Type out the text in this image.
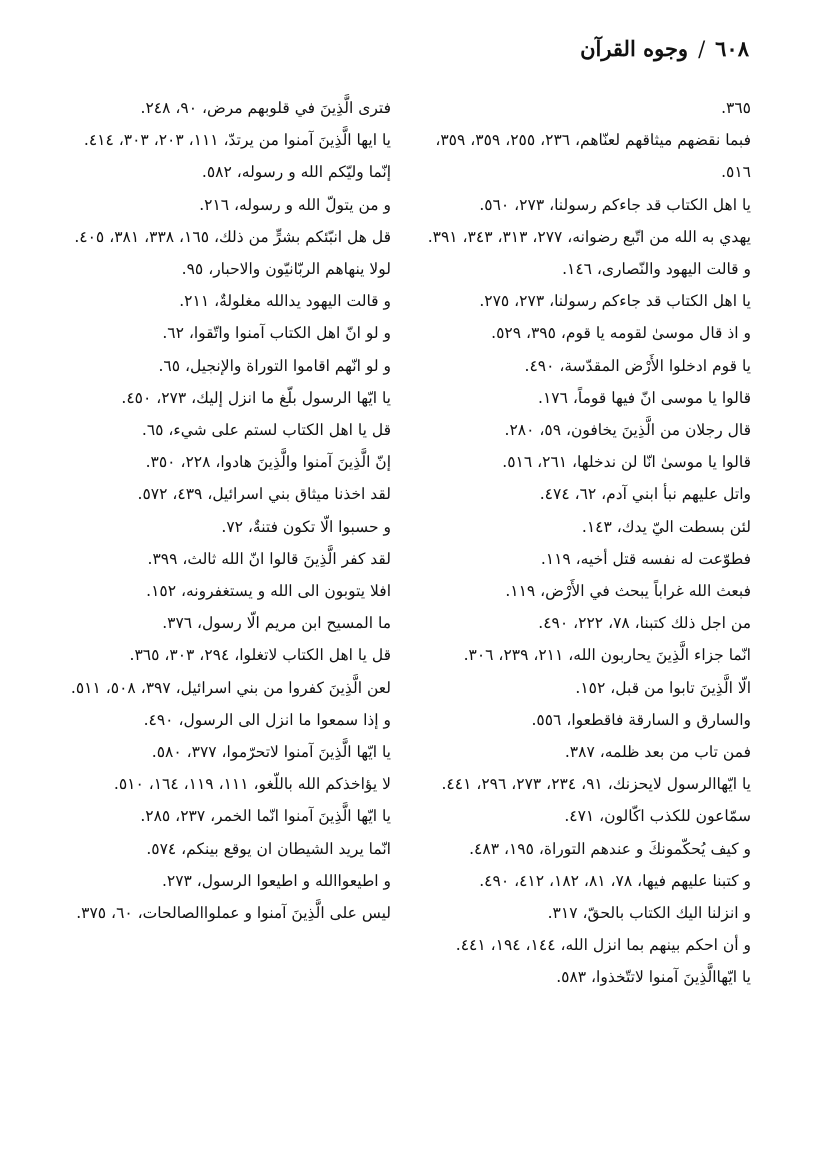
٦٠٨/وجوه القرآن
٣٦٥.
فبما نقضهم ميثاقهم لعنّاهم، ٢٣٦، ٢٥٥، ٣٥٩، ٣٥٩، ٥١٦.
يا اهل الكتاب قد جاءكم رسولنا، ٢٧٣، ٥٦٠.
يهدي به الله من اتّبع رضوانه، ٢٧٧، ٣١٣، ٣٤٣، ٣٩١.
و قالت اليهود والنّصارى، ١٤٦.
يا اهل الكتاب قد جاءكم رسولنا، ٢٧٣، ٢٧٥.
و اذ قال موسىٰ لقومه يا قوم، ٣٩٥، ٥٢٩.
يا قوم ادخلوا الأَرْض المقدّسة، ٤٩٠.
قالوا يا موسى انّ فيها قوماً، ١٧٦.
قال رجلان من الَّذِينَ يخافون، ٥٩، ٢٨٠.
قالوا يا موسىٰ انّا لن ندخلها، ٢٦١، ٥١٦.
واتل عليهم نبأ ابني آدم، ٦٢، ٤٧٤.
لئن بسطت اليّ يدك، ١٤٣.
فطوّعت له نفسه قتل أخيه، ١١٩.
فبعث الله غراباً يبحث في الأَرْض، ١١٩.
من اجل ذلك كتبنا، ٧٨، ٢٢٢، ٤٩٠.
انّما جزاء الَّذِينَ يحاربون الله، ٢١١، ٢٣٩، ٣٠٦.
الّا الَّذِينَ تابوا من قبل، ١٥٢.
والسارق و السارقة فاقطعوا، ٥٥٦.
فمن تاب من بعد ظلمه، ٣٨٧.
يا ايّهاالرسول لايحزنك، ٩١، ٢٣٤، ٢٧٣، ٢٩٦، ٤٤١.
سمّاعون للكذب اكّالون، ٤٧١.
و كيف يُحكّمونكَ و عندهم التوراة، ١٩٥، ٤٨٣.
و كتبنا عليهم فيها، ٧٨، ٨١، ١٨٢، ٤١٢، ٤٩٠.
و انزلنا اليك الكتاب بالحقّ، ٣١٧.
و أن احكم بينهم بما انزل الله، ١٤٤، ١٩٤، ٤٤١.
يا ايّهاالَّذِينَ آمنوا لاتتّخذوا، ٥٨٣.
فترى الَّذِينَ في قلوبهم مرض، ٩٠، ٢٤٨.
يا ايها الَّذِينَ آمنوا من يرتدّ، ١١١، ٢٠٣، ٣٠٣، ٤١٤.
إنّما وليّكم الله و رسوله، ٥٨٢.
و من يتولّ الله و رسوله، ٢١٦.
قل هل انبّئكم بشرٍّ من ذلك، ١٦٥، ٣٣٨، ٣٨١، ٤٠٥.
لولا ينهاهم الربّانيّون والاحبار، ٩٥.
و قالت اليهود يدالله مغلولةٌ، ٢١١.
و لو انّ اهل الكتاب آمنوا واتّقوا، ٦٢.
و لو انّهم اقاموا التوراة والإنجيل، ٦٥.
يا ايّها الرسول بلّغ ما انزل إليك، ٢٧٣، ٤٥٠.
قل يا اهل الكتاب لستم على شيء، ٦٥.
إنّ الَّذِينَ آمنوا والَّذِينَ هادوا، ٢٢٨، ٣٥٠.
لقد اخذنا ميثاق بني اسرائيل، ٤٣٩، ٥٧٢.
و حسبوا الّا تكون فتنةٌ، ٧٢.
لقد كفر الَّذِينَ قالوا انّ الله ثالث، ٣٩٩.
افلا يتوبون الى الله و يستغفرونه، ١٥٢.
ما المسيح ابن مريم الّا رسول، ٣٧٦.
قل يا اهل الكتاب لاتغلوا، ٢٩٤، ٣٠٣، ٣٦٥.
لعن الَّذِينَ كفروا من بني اسرائيل، ٣٩٧، ٥٠٨، ٥١١.
و إذا سمعوا ما انزل الى الرسول، ٤٩٠.
يا ايّها الَّذِينَ آمنوا لاتحرّموا، ٣٧٧، ٥٨٠.
لا يؤاخذكم الله باللّغو، ١١١، ١١٩، ١٦٤، ٥١٠.
يا ايّها الَّذِينَ آمنوا انّما الخمر، ٢٣٧، ٢٨٥.
انّما يريد الشيطان ان يوقع بينكم، ٥٧٤.
و اطيعواالله و اطيعوا الرسول، ٢٧٣.
ليس على الَّذِينَ آمنوا و عملواالصالحات، ٦٠، ٣٧٥.
